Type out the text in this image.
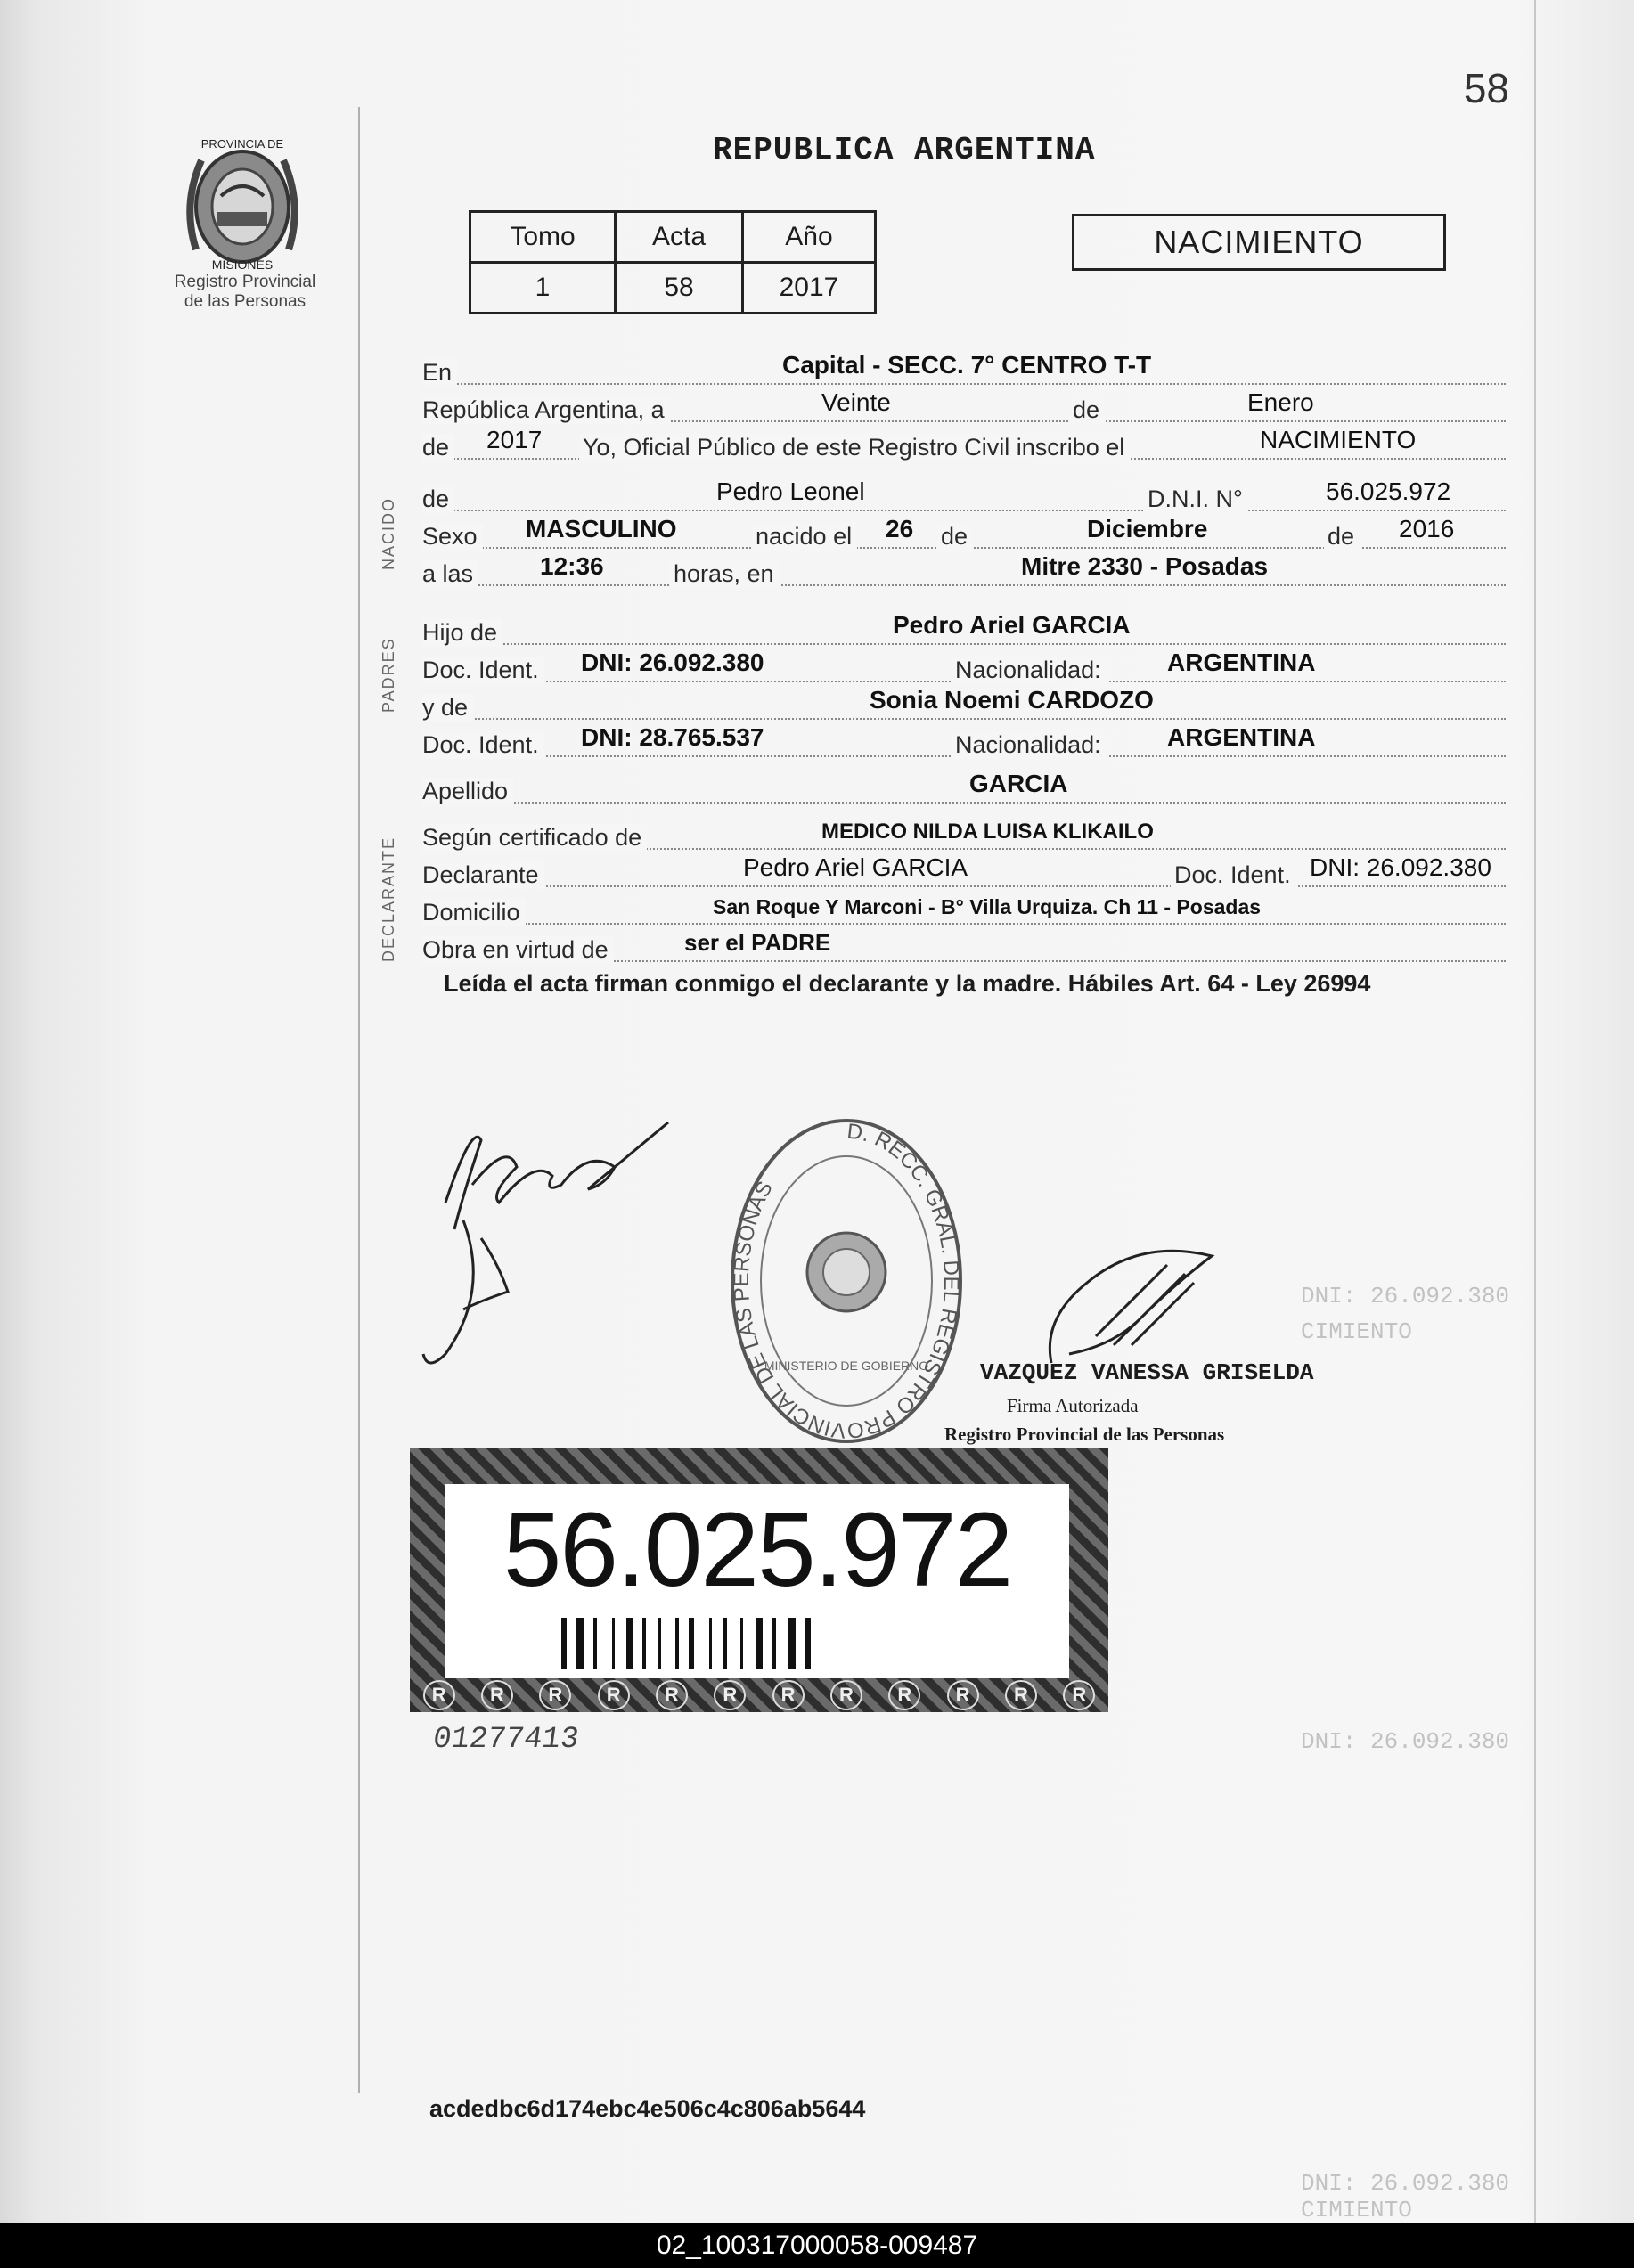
DNI: 26.092.380
CIMIENTO
DNI: 26.092.380
DNI: 26.092.380
CIMIENTO
58
REPUBLICA ARGENTINA
PROVINCIA DE
MISIONES
Registro Provincial
de las Personas
Tomo	Acta	Año
1	58	2017
NACIMIENTO
NACIDO
PADRES
DECLARANTE
En	Capital - SECC. 7° CENTRO T-T
República Argentina, a	Veinte	de	Enero
de 2017 Yo, Oficial Público de este Registro Civil inscribo el	NACIMIENTO
de	Pedro Leonel	D.N.I. N°	56.025.972
Sexo MASCULINO	nacido el 26 de	Diciembre	de 2016
a las	12:36	horas, en	Mitre 2330 - Posadas
Hijo de	Pedro Ariel GARCIA
Doc. Ident. DNI: 26.092.380	Nacionalidad:	ARGENTINA
y de	Sonia Noemi CARDOZO
Doc. Ident. DNI: 28.765.537	Nacionalidad:	ARGENTINA
Apellido	GARCIA
Según certificado de	MEDICO NILDA LUISA KLIKAILO
Declarante	Pedro Ariel GARCIA	Doc. Ident. DNI: 26.092.380
Domicilio	San Roque Y Marconi - B° Villa Urquiza. Ch 11 - Posadas
Obra en virtud de	ser el PADRE
Leída el acta firman conmigo el declarante y la madre. Hábiles Art. 64 - Ley 26994
D. RECC. GRAL. DEL REGISTRO PROVINCIAL DE LAS PERSONAS
MINISTERIO DE GOBIERNO VAZQUEZ VANESSA GRISELDA
Firma Autorizada
Registro Provincial de las Personas
56.025.972
R	R	R	R	R	R	R	R	R	R	R	R
01277413
acdedbc6d174ebc4e506c4c806ab5644
02_100317000058-009487
